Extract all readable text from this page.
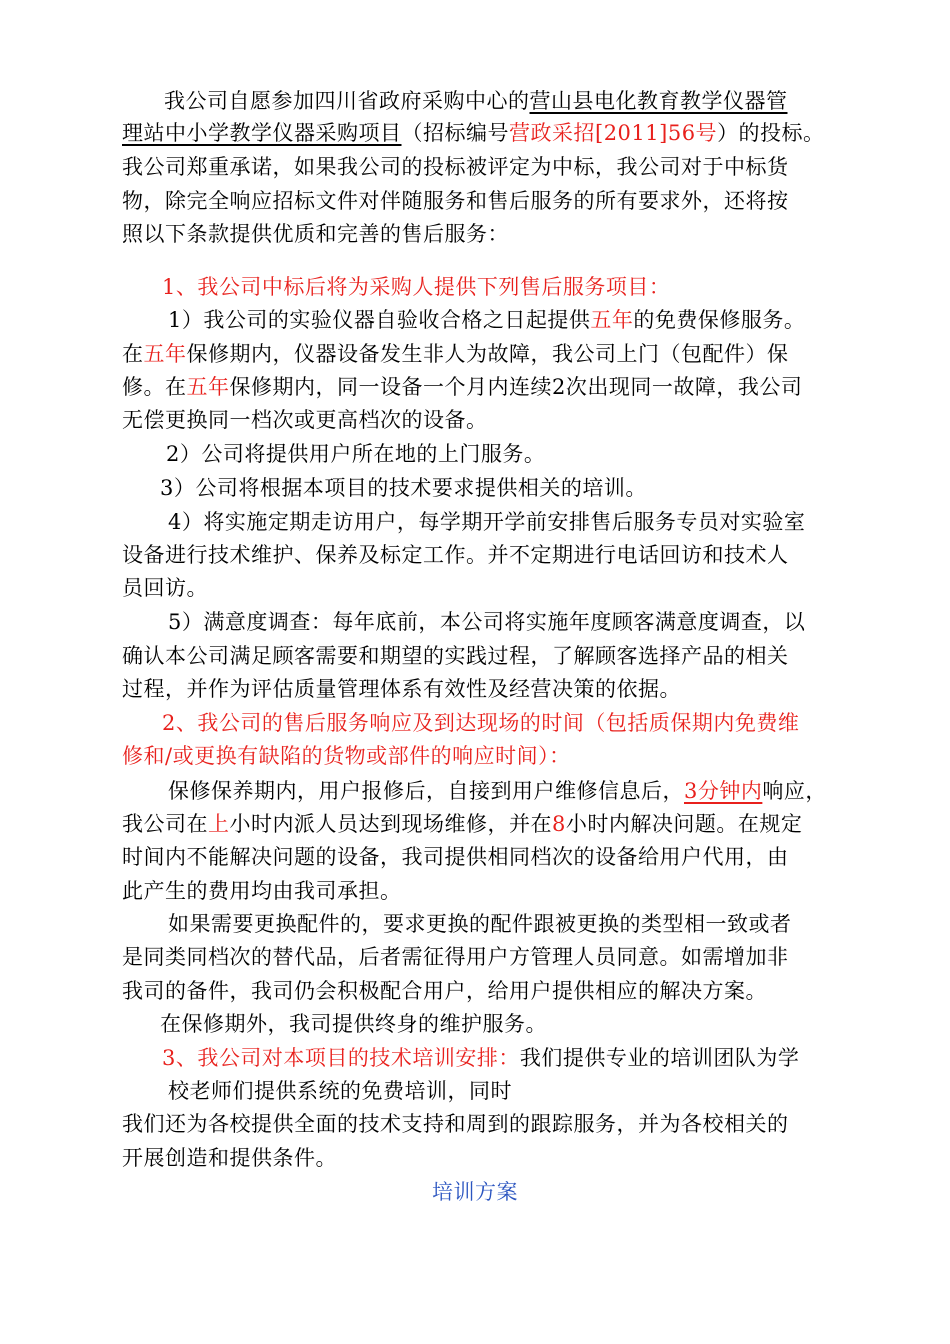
我公司自愿参加四川省政府采购中心的营山县电化教育教学仪器管
理站中小学教学仪器采购项目（招标编号营政采招[2011]56号）的投标。
我公司郑重承诺，如果我公司的投标被评定为中标，我公司对于中标货
物，除完全响应招标文件对伴随服务和售后服务的所有要求外，还将按
照以下条款提供优质和完善的售后服务：
1、我公司中标后将为采购人提供下列售后服务项目：
1）我公司的实验仪器自验收合格之日起提供五年的免费保修服务。
在五年保修期内，仪器设备发生非人为故障，我公司上门（包配件）保
修。在五年保修期内，同一设备一个月内连续2次出现同一故障，我公司
无偿更换同一档次或更高档次的设备。
2）公司将提供用户所在地的上门服务。
3）公司将根据本项目的技术要求提供相关的培训。
4）将实施定期走访用户，每学期开学前安排售后服务专员对实验室
设备进行技术维护、保养及标定工作。并不定期进行电话回访和技术人
员回访。
5）满意度调查：每年底前，本公司将实施年度顾客满意度调查，以
确认本公司满足顾客需要和期望的实践过程，了解顾客选择产品的相关
过程，并作为评估质量管理体系有效性及经营决策的依据。
2、我公司的售后服务响应及到达现场的时间（包括质保期内免费维
修和/或更换有缺陷的货物或部件的响应时间）：
保修保养期内，用户报修后，自接到用户维修信息后，3分钟内响应，
我公司在上小时内派人员达到现场维修，并在8小时内解决问题。在规定
时间内不能解决问题的设备，我司提供相同档次的设备给用户代用，由
此产生的费用均由我司承担。
如果需要更换配件的，要求更换的配件跟被更换的类型相一致或者
是同类同档次的替代品，后者需征得用户方管理人员同意。如需增加非
我司的备件，我司仍会积极配合用户，给用户提供相应的解决方案。
在保修期外，我司提供终身的维护服务。
3、我公司对本项目的技术培训安排：我们提供专业的培训团队为学
校老师们提供系统的免费培训，同时
我们还为各校提供全面的技术支持和周到的跟踪服务，并为各校相关的
开展创造和提供条件。
培训方案
